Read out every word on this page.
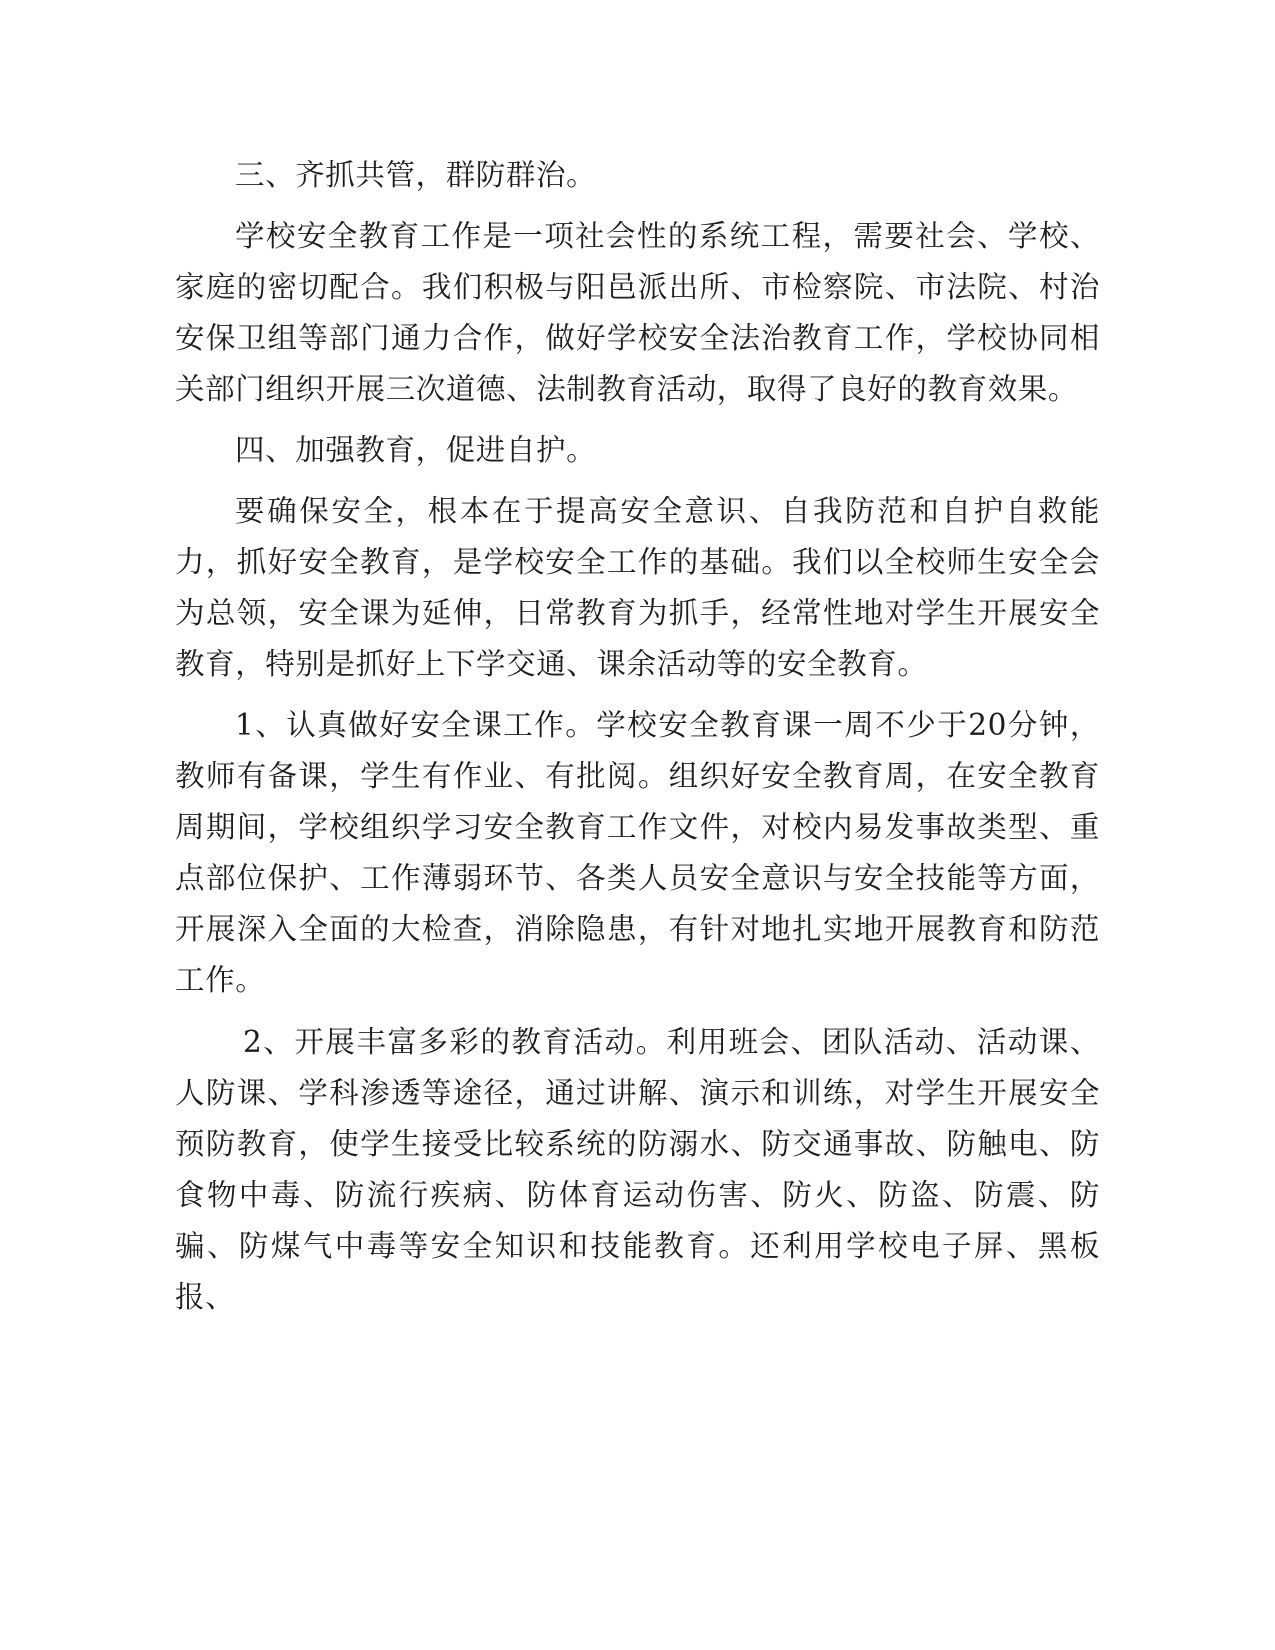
三、齐抓共管，群防群治。

学校安全教育工作是一项社会性的系统工程，需要社会、学校、家庭的密切配合。我们积极与阳邑派出所、市检察院、市法院、村治安保卫组等部门通力合作，做好学校安全法治教育工作，学校协同相关部门组织开展三次道德、法制教育活动，取得了良好的教育效果。

四、加强教育，促进自护。

要确保安全，根本在于提高安全意识、自我防范和自护自救能力，抓好安全教育，是学校安全工作的基础。我们以全校师生安全会为总领，安全课为延伸，日常教育为抓手，经常性地对学生开展安全教育，特别是抓好上下学交通、课余活动等的安全教育。

1、认真做好安全课工作。学校安全教育课一周不少于20分钟，教师有备课，学生有作业、有批阅。组织好安全教育周，在安全教育周期间，学校组织学习安全教育工作文件，对校内易发事故类型、重点部位保护、工作薄弱环节、各类人员安全意识与安全技能等方面，开展深入全面的大检查，消除隐患，有针对地扎实地开展教育和防范工作。

2、开展丰富多彩的教育活动。利用班会、团队活动、活动课、人防课、学科渗透等途径，通过讲解、演示和训练，对学生开展安全预防教育，使学生接受比较系统的防溺水、防交通事故、防触电、防食物中毒、防流行疾病、防体育运动伤害、防火、防盗、防震、防骗、防煤气中毒等安全知识和技能教育。还利用学校电子屏、黑板报、
